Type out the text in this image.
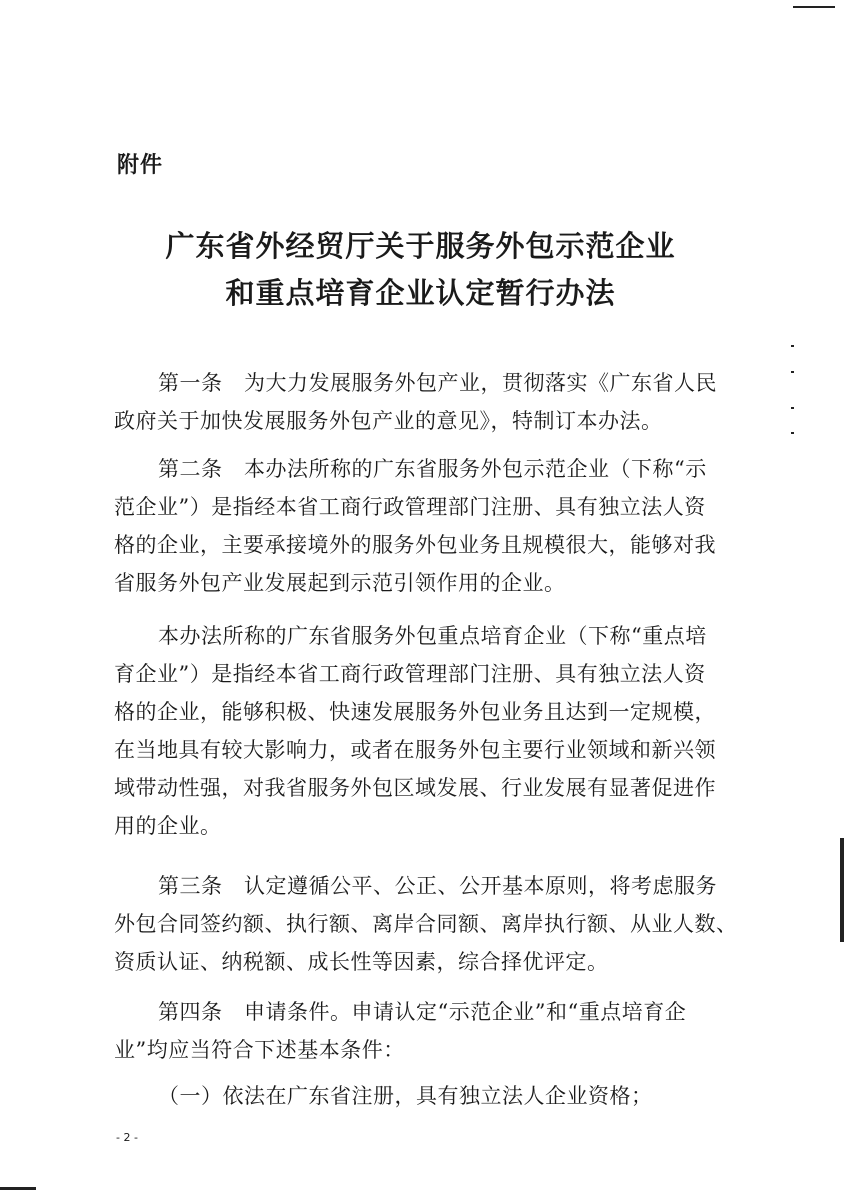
附件
广东省外经贸厅关于服务外包示范企业
和重点培育企业认定暂行办法
第一条　为大力发展服务外包产业，贯彻落实《广东省人民
政府关于加快发展服务外包产业的意见》，特制订本办法。
第二条　本办法所称的广东省服务外包示范企业（下称“示
范企业”）是指经本省工商行政管理部门注册、具有独立法人资
格的企业，主要承接境外的服务外包业务且规模很大，能够对我
省服务外包产业发展起到示范引领作用的企业。
本办法所称的广东省服务外包重点培育企业（下称“重点培
育企业”）是指经本省工商行政管理部门注册、具有独立法人资
格的企业，能够积极、快速发展服务外包业务且达到一定规模，
在当地具有较大影响力，或者在服务外包主要行业领域和新兴领
域带动性强，对我省服务外包区域发展、行业发展有显著促进作
用的企业。
第三条　认定遵循公平、公正、公开基本原则，将考虑服务
外包合同签约额、执行额、离岸合同额、离岸执行额、从业人数、
资质认证、纳税额、成长性等因素，综合择优评定。
第四条　申请条件。申请认定“示范企业”和“重点培育企
业”均应当符合下述基本条件：
（一）依法在广东省注册，具有独立法人企业资格；
- 2 -
